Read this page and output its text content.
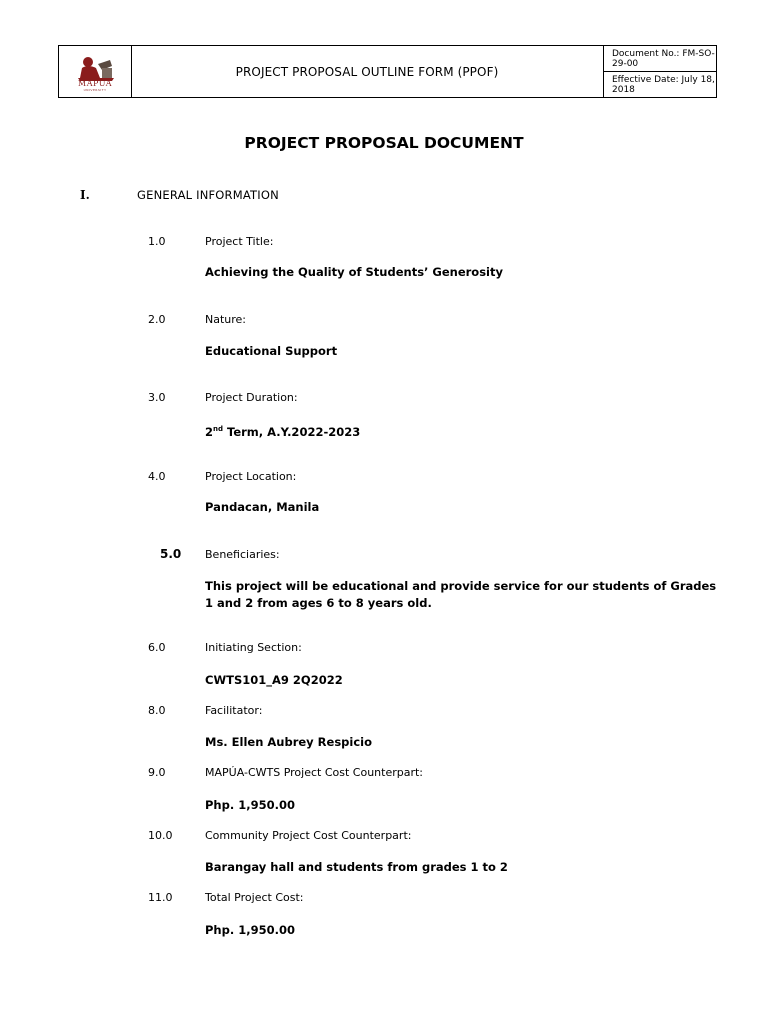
MAPÚA
UNIVERSITY
PROJECT PROPOSAL OUTLINE FORM (PPOF)
Document No.: FM-SO-29-00
Effective Date: July 18, 2018
PROJECT PROPOSAL DOCUMENT
I.	GENERAL INFORMATION
1.0	Project Title:
Achieving the Quality of Students’ Generosity
2.0	Nature:
Educational Support
3.0	Project Duration:
2nd Term, A.Y.2022-2023
4.0	Project Location:
Pandacan, Manila
5.0 Beneficiaries:
This project will be educational and provide service for our students of Grades 1 and 2 from ages 6 to 8 years old.
6.0	Initiating Section:
CWTS101_A9 2Q2022
8.0	Facilitator:
Ms. Ellen Aubrey Respicio
9.0	MAPÚA-CWTS Project Cost Counterpart:
Php. 1,950.00
10.0	Community Project Cost Counterpart:
Barangay hall and students from grades 1 to 2
11.0	Total Project Cost:
Php. 1,950.00
